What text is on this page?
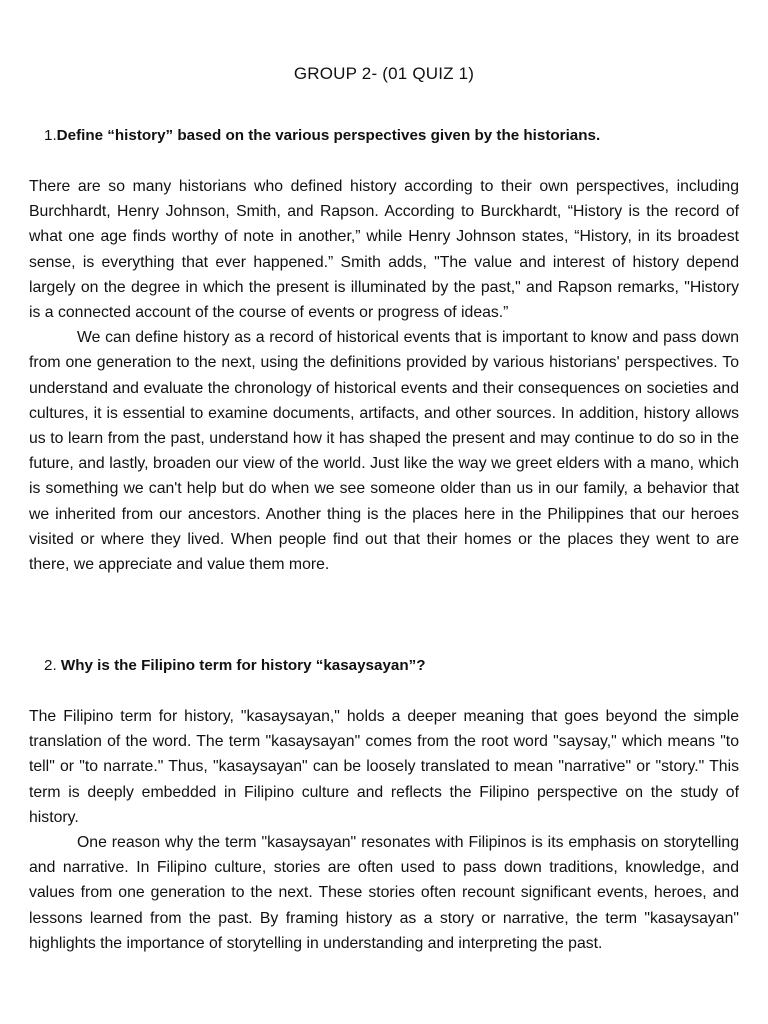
GROUP 2- (01 QUIZ 1)
1.Define “history” based on the various perspectives given by the historians.

There are so many historians who defined history according to their own perspectives, including Burchhardt, Henry Johnson, Smith, and Rapson. According to Burckhardt, “History is the record of what one age finds worthy of note in another,” while Henry Johnson states, “History, in its broadest sense, is everything that ever happened.” Smith adds, "The value and interest of history depend largely on the degree in which the present is illuminated by the past," and Rapson remarks, "History is a connected account of the course of events or progress of ideas.”

We can define history as a record of historical events that is important to know and pass down from one generation to the next, using the definitions provided by various historians' perspectives. To understand and evaluate the chronology of historical events and their consequences on societies and cultures, it is essential to examine documents, artifacts, and other sources. In addition, history allows us to learn from the past, understand how it has shaped the present and may continue to do so in the future, and lastly, broaden our view of the world. Just like the way we greet elders with a mano, which is something we can't help but do when we see someone older than us in our family, a behavior that we inherited from our ancestors. Another thing is the places here in the Philippines that our heroes visited or where they lived. When people find out that their homes or the places they went to are there, we appreciate and value them more.

2. Why is the Filipino term for history “kasaysayan”?

The Filipino term for history, "kasaysayan," holds a deeper meaning that goes beyond the simple translation of the word. The term "kasaysayan" comes from the root word "saysay," which means "to tell" or "to narrate." Thus, "kasaysayan" can be loosely translated to mean "narrative" or "story." This term is deeply embedded in Filipino culture and reflects the Filipino perspective on the study of history.

One reason why the term "kasaysayan" resonates with Filipinos is its emphasis on storytelling and narrative. In Filipino culture, stories are often used to pass down traditions, knowledge, and values from one generation to the next. These stories often recount significant events, heroes, and lessons learned from the past. By framing history as a story or narrative, the term "kasaysayan" highlights the importance of storytelling in understanding and interpreting the past.
